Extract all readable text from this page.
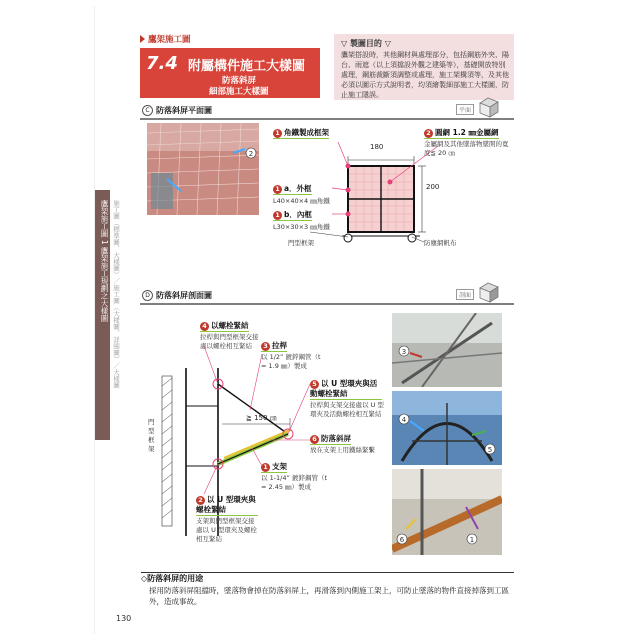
鷹架施工圖 1 鷹架施工規劃之大樣圖 施工圖（標準圖、大樣圖）／施工圖（大樣圖、詳細圖）／大樣圖
鷹架施工圖
7.4 附屬構件施工大樣圖
防落斜屏
細部施工大樣圖
▽ 製圖目的 ▽
鷹架搭設時，其他鋼材與處理部分，包括鋼筋外突、陽台、雨遮（以上須擋設外觀之建築等），基礎開放特別處理，鋼筋裁斷須調整或處理，施工架構須等，及其他必須以圖示方式說明者，均須繪製細部施工大樣圖，防止施工隱誤。
C 防落斜屏平面圖	平面
2
180
200
1 角鐵製成框架	2 圓網 1.2 ㎜金屬網
金屬網及其他墜落物墜開的寬度≦ 20 ㎝
1 a．外框
L40×40×4 ㎜角鐵
1 b．內框
L30×30×3 ㎜角鐵
門型框架	防塵網帆布
D 防落斜屏剖面圖	剖面
門型框架
≧ 150 ㎝
4 以螺栓緊結
拉桿與門型框架交接處以螺栓相互緊結	3 拉桿
以 1/2” 鍍鋅鋼管（t = 1.9 ㎜）製成
5 以 U 型環夾與活動螺栓緊結
拉桿與支架交接處以 U 型環夾及活動螺栓相互緊結
6 防落斜屏
放在支架上用鐵絲緊繫
1 支架
以 1-1/4” 鍍鋅鋼管（t = 2.45 ㎜）製成
2 以 U 型環夾與螺栓緊結
支架與門型框架交接處以 U 型環夾及螺栓相互緊結
3
4
5
1
6
◇防落斜屏的用途
採用防落斜屏阻擋時，墜落物會掉在防落斜屏上，再滑落到內側施工架上，可防止墜落的物件直接掉落到工區外，造成事故。
130
